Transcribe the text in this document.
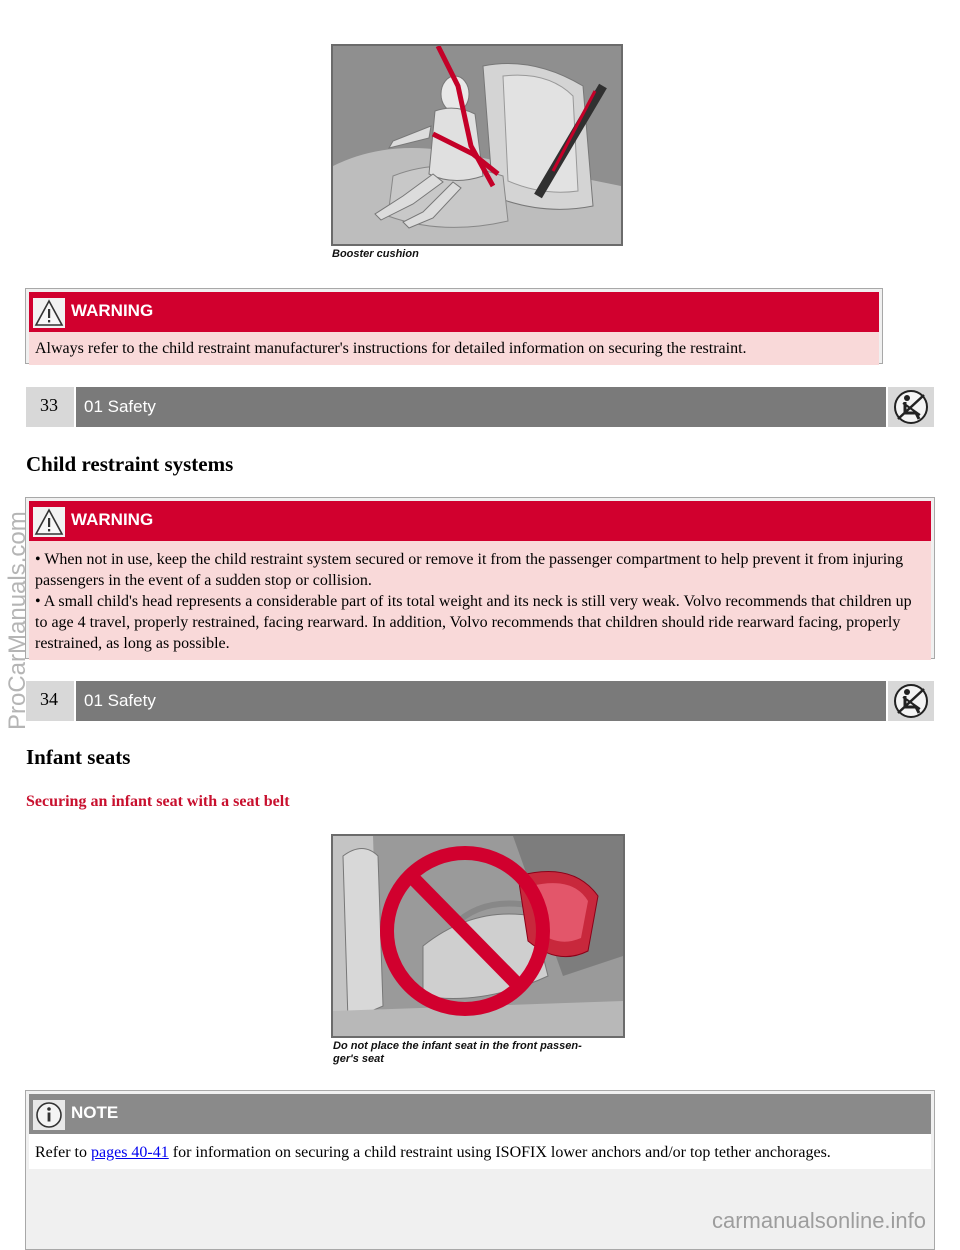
Booster cushion
WARNING
Always refer to the child restraint manufacturer's instructions for detailed information on securing the restraint.
33	01 Safety
Child restraint systems
WARNING
• When not in use, keep the child restraint system secured or remove it from the passenger compartment to help prevent it from injuring passengers in the event of a sudden stop or collision.
• A small child's head represents a considerable part of its total weight and its neck is still very weak. Volvo recommends that children up to age 4 travel, properly restrained, facing rearward. In addition, Volvo recommends that children should ride rearward facing, properly restrained, as long as possible.
34	01 Safety
Infant seats
Securing an infant seat with a seat belt
Do not place the infant seat in the front passen-
ger's seat
NOTE
Refer to pages 40-41 for information on securing a child restraint using ISOFIX lower anchors and/or top tether anchorages.
ProCarManuals.com
carmanualsonline.info
